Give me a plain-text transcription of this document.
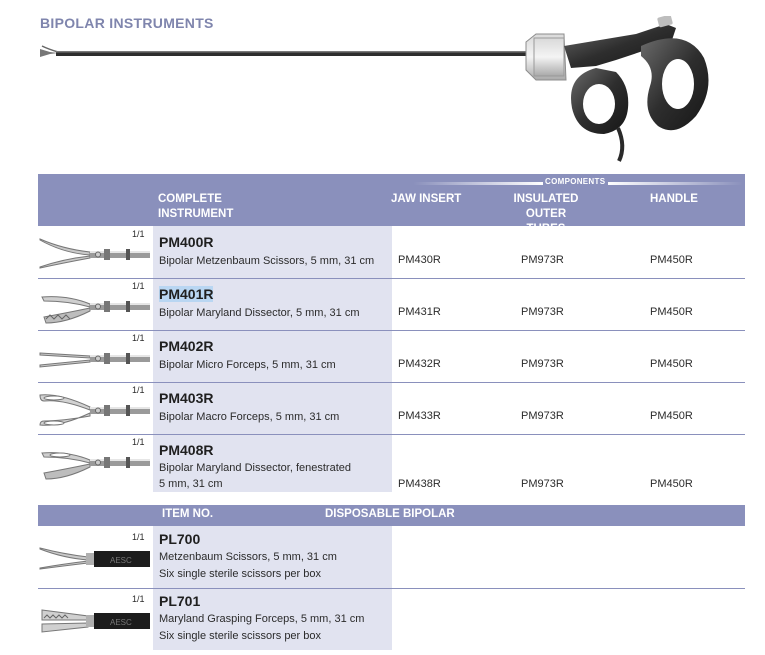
BIPOLAR INSTRUMENTS
COMPONENTS
COMPLETE
INSTRUMENT
JAW INSERT	INSULATED
OUTER TUBES
HANDLE
1/1 PM400R
Bipolar Metzenbaum Scissors, 5 mm, 31 cm PM430R	PM973R	PM450R
1/1 PM401R
Bipolar Maryland Dissector, 5 mm, 31 cm	PM431R	PM973R	PM450R
1/1 PM402R
Bipolar Micro Forceps, 5 mm, 31 cm	PM432R	PM973R	PM450R
1/1 PM403R
Bipolar Macro Forceps, 5 mm, 31 cm	PM433R	PM973R	PM450R
1/1 PM408R
Bipolar Maryland Dissector, fenestrated
5 mm, 31 cm	PM438R	PM973R	PM450R
ITEM NO.	DISPOSABLE BIPOLAR
AESC
1/1 PL700
Metzenbaum Scissors, 5 mm, 31 cm
Six single sterile scissors per box
AESC
1/1 PL701
Maryland Grasping Forceps, 5 mm, 31 cm
Six single sterile scissors per box
